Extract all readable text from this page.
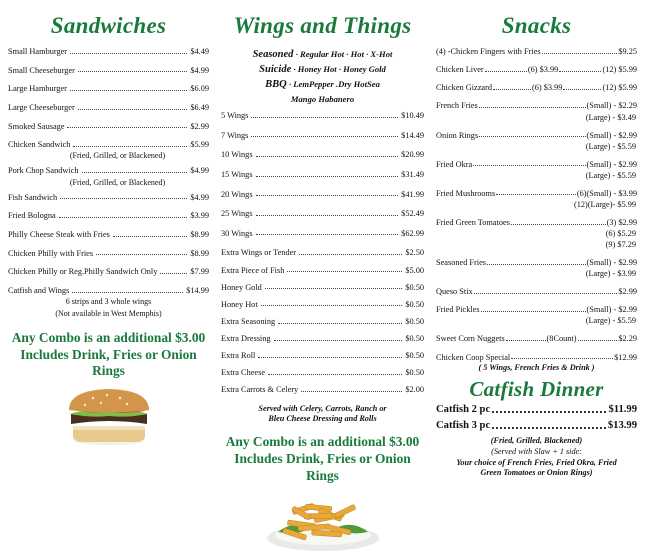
Sandwiches
Small Hamburger	$4.49
Small Cheeseburger	$4.99
Large Hamburger	$6.09
Large Cheeseburger	$6.49
Smoked Sausage	$2.99
Chicken Sandwich	$5.99
(Fried, Grilled, or Blackened)
Pork Chop Sandwich	$4.99
(Fried, Grilled, or Blackened)
Fish Sandwich	$4.99
Fried Bologna	$3.99
Philly Cheese Steak with Fries	$8.99
Chicken Philly with Fries	$8.99
Chicken Philly or Reg.Philly Sandwich Only	$7.99
Catfish and Wings	$14.99
6 strips and 3 whole wings
(Not available in West Memphis)
Any Combo is an additional $3.00
Includes Drink, Fries or Onion Rings
Wings and Things
Seasoned · Regular Hot · Hot · X-Hot
Suicide · Honey Hot · Honey Gold
BBQ · LemPepper .Dry HotSea
Mango Habanero
5 Wings	$10.49
7 Wings	$14.49
10 Wings	$20.99
15 Wings	$31.49
20 Wings	$41.99
25 Wings	$52.49
30 Wings	$62.99
Extra Wings or Tender	$2.50
Extra Piece of Fish	$5.00
Honey Gold	$0.50
Honey Hot	$0.50
Extra Seasoning	$0.50
Extra Dressing	$0.50
Extra Roll	$0.50
Extra Cheese	$0.50
Extra Carrots & Celery	$2.00
Served with Celery, Carrots, Ranch or
Bleu Cheese Dressing and Rolls
Any Combo is an additional $3.00
Includes Drink, Fries or Onion Rings
Snacks
(4) -Chicken Fingers with Fries	$9.25
Chicken Liver	(6) $3.99	(12) $5.99
Chicken Gizzard	(6) $3.99	(12) $5.99
French Fries	(Small) - $2.29
(Large) - $3.49
Onion Rings	(Small) - $2.99
(Large) - $5.59
Fried Okra	(Small) - $2.99
(Large) - $5.59
Fried Mushrooms	(6)(Small) - $3.99
(12)(Large)- $5.99
Fried Green Tomatoes	(3) $2.99
(6) $5.29
(9) $7.29
Seasoned Fries	(Small) - $2.99
(Large) - $3.99
Queso Stix	$2.99
Fried Pickles	(Small) - $2.99
(Large) - $5.59
Sweet Corn Nuggets	(8Count)	$2.29
Chicken Coop Special	$12.99
( 5 Wings, French Fries & Drink )
Catfish Dinner
Catfish 2 pc	$11.99
Catfish 3 pc	$13.99
(Fried, Grilled, Blackened)
(Served with Slaw + 1 side:
Your choice of French Fries, Fried Okra, Fried
Green Tomatoes or Onion Rings)
